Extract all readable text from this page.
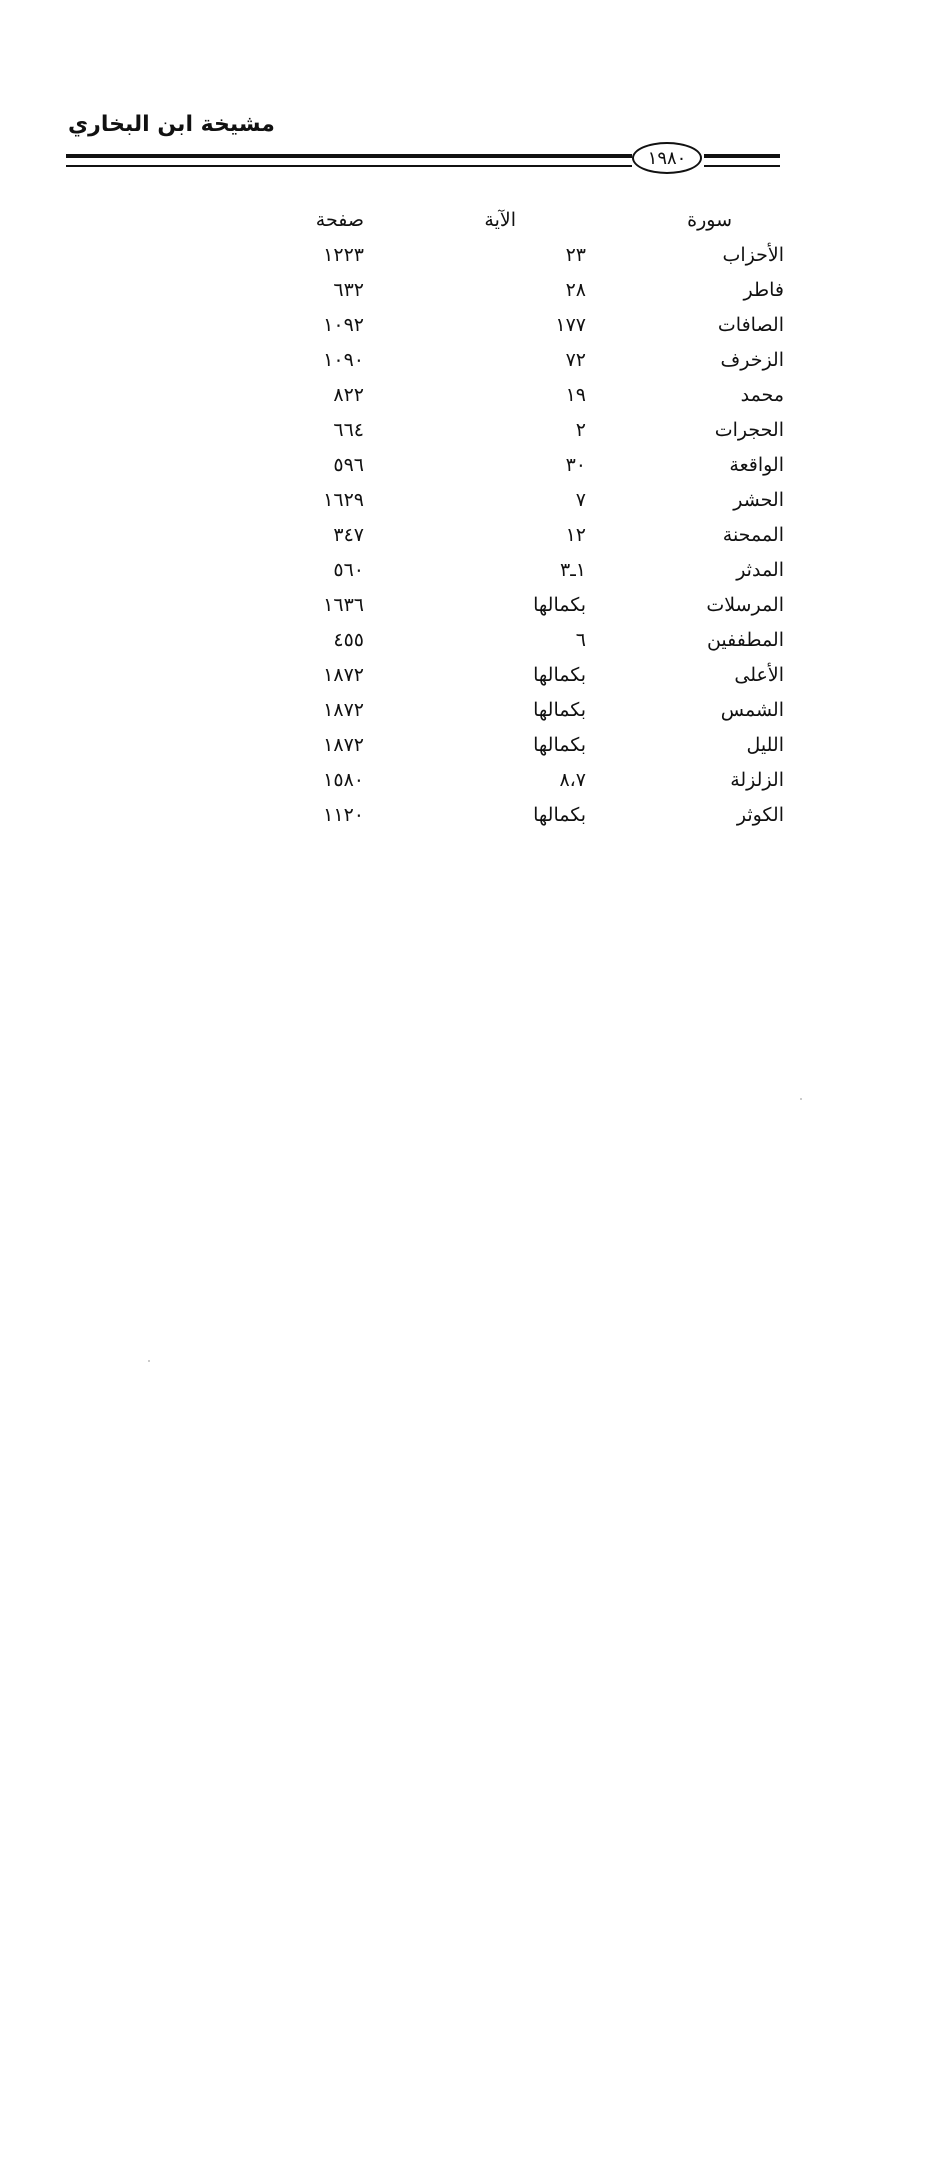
مشيخة ابن البخاري
١٩٨٠
سورة
الآية
صفحة
الأحزاب
٢٣
١٢٢٣
فاطر
٢٨
٦٣٢
الصافات
١٧٧
١٠٩٢
الزخرف
٧٢
١٠٩٠
محمد
١٩
٨٢٢
الحجرات
٢
٦٦٤
الواقعة
٣٠
٥٩٦
الحشر
٧
١٦٢٩
الممحنة
١٢
٣٤٧
المدثر
١ـ٣
٥٦٠
المرسلات
بكمالها
١٦٣٦
المطففين
٦
٤٥٥
الأعلى
بكمالها
١٨٧٢
الشمس
بكمالها
١٨٧٢
الليل
بكمالها
١٨٧٢
الزلزلة
٨،٧
١٥٨٠
الكوثر
بكمالها
١١٢٠
